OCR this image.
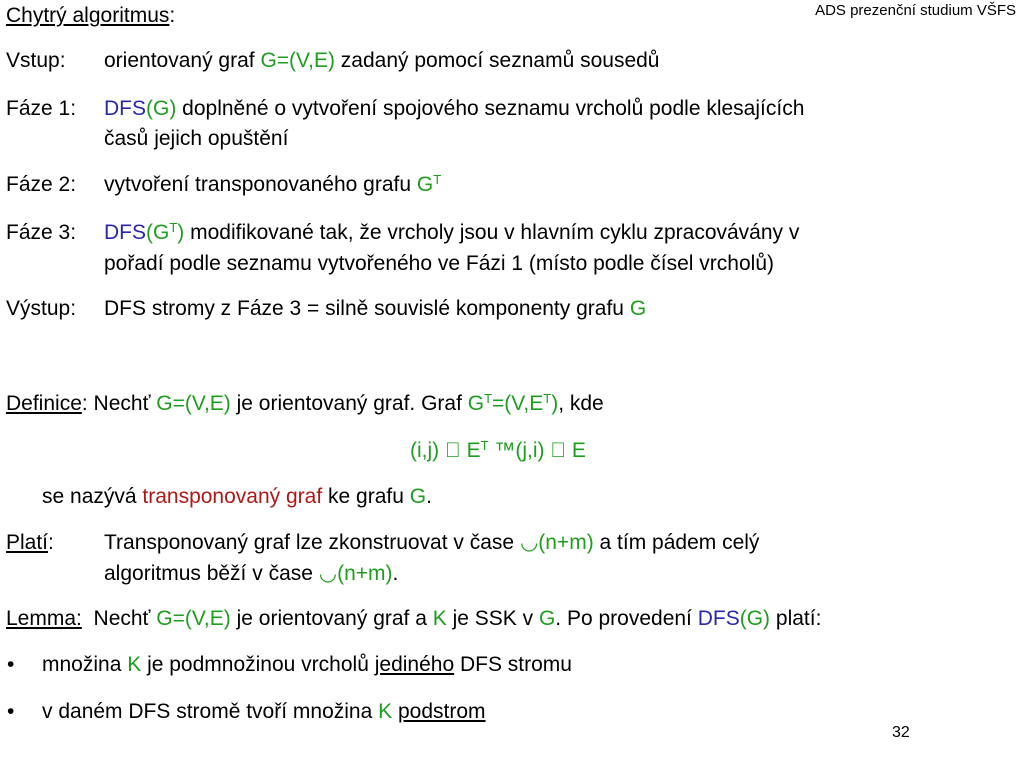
ADS prezenční studium VŠFS
Chytrý algoritmus:
Vstup: orientovaný graf G=(V,E) zadaný pomocí seznamů sousedů
Fáze 1: DFS(G) doplněné o vytvoření spojového seznamu vrcholů podle klesajících
časů jejich opuštění
Fáze 2: vytvoření transponovaného grafu $G^T$
Fáze 3: $DFS(G^T)$ modifikované tak, že vrcholy jsou v hlavním cyklu zpracovávány v
pořadí podle seznamu vytvořeného ve Fázi 1 (místo podle čísel vrcholů)
Výstup: DFS stromy z Fáze 3 = silně souvislé komponenty grafu G
Definice: Nechť G=(V,E) je orientovaný graf. Graf $G^T=(V,E^T)$, kde
(i,j) $E^T$ ™(j,i) E
se nazývá transponovaný graf ke grafu G.
Platí: Transponovaný graf lze zkonstruovat v čase ◡(n+m) a tím pádem celý
algoritmus běží v čase ◡(n+m).
Lemma:  Nechť G=(V,E) je orientovaný graf a K je SSK v G. Po provedení DFS(G) platí:
• množina K je podmnožinou vrcholů jediného DFS stromu
• v daném DFS stromě tvoří množina K podstrom
32
